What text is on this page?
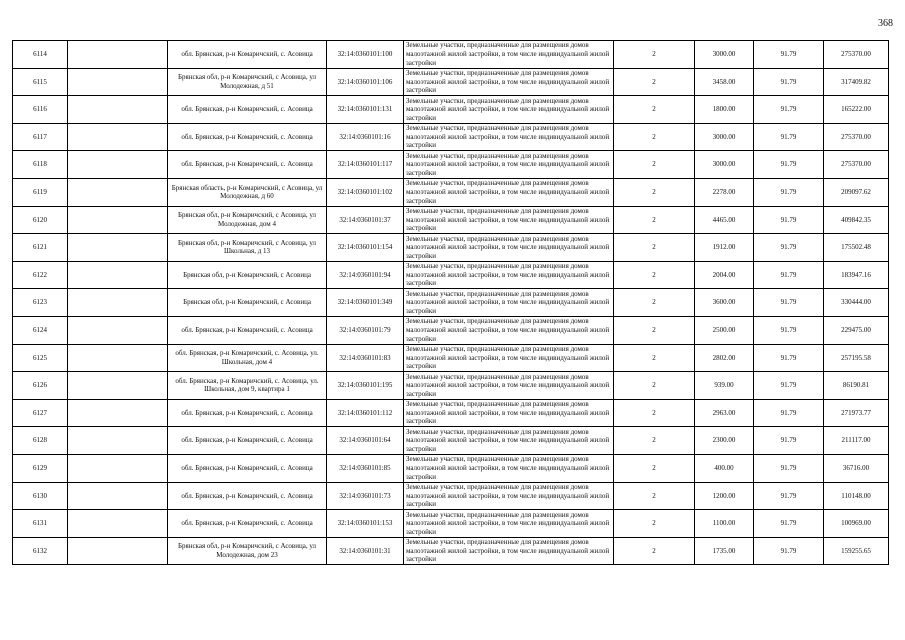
368
6114		обл. Брянская, р-н Комаричский, с. Асовица	32:14:0360101:100	Земельные участки, предназначенные для размещения домов малоэтажной жилой застройки, в том числе индивидуальной жилой застройки	2	3000.00	91.79	275370.00
6115		Брянская обл, р-н Комаричский, с Асовица, ул Молодежная, д 51	32:14:0360101:106	Земельные участки, предназначенные для размещения домов малоэтажной жилой застройки, в том числе индивидуальной жилой застройки	2	3458.00	91.79	317409.82
6116		обл. Брянская, р-н Комаричский, с. Асовица	32:14:0360101:131	Земельные участки, предназначенные для размещения домов малоэтажной жилой застройки, в том числе индивидуальной жилой застройки	2	1800.00	91.79	165222.00
6117		обл. Брянская, р-н Комаричский, с. Асовица	32:14:0360101:16	Земельные участки, предназначенные для размещения домов малоэтажной жилой застройки, в том числе индивидуальной жилой застройки	2	3000.00	91.79	275370.00
6118		обл. Брянская, р-н Комаричский, с. Асовица	32:14:0360101:117	Земельные участки, предназначенные для размещения домов малоэтажной жилой застройки, в том числе индивидуальной жилой застройки	2	3000.00	91.79	275370.00
6119		Брянская область, р-н Комаричский, с Асовица, ул Молодежная, д 60	32:14:0360101:102	Земельные участки, предназначенные для размещения домов малоэтажной жилой застройки, в том числе индивидуальной жилой застройки	2	2278.00	91.79	209097.62
6120		Брянская обл, р-н Комаричский, с Асовица, ул Молодежная, дом 4	32:14:0360101:37	Земельные участки, предназначенные для размещения домов малоэтажной жилой застройки, в том числе индивидуальной жилой застройки	2	4465.00	91.79	409842.35
6121		Брянская обл, р-н Комаричский, с Асовица, ул Школьная, д 13	32:14:0360101:154	Земельные участки, предназначенные для размещения домов малоэтажной жилой застройки, в том числе индивидуальной жилой застройки	2	1912.00	91.79	175502.48
6122		Брянская обл, р-н Комаричский, с Асовица	32:14:0360101:94	Земельные участки, предназначенные для размещения домов малоэтажной жилой застройки, в том числе индивидуальной жилой застройки	2	2004.00	91.79	183947.16
6123		Брянская обл, р-н Комаричский, с Асовица	32:14:0360101:349	Земельные участки, предназначенные для размещения домов малоэтажной жилой застройки, в том числе индивидуальной жилой застройки	2	3600.00	91.79	330444.00
6124		обл. Брянская, р-н Комаричский, с. Асовица	32:14:0360101:79	Земельные участки, предназначенные для размещения домов малоэтажной жилой застройки, в том числе индивидуальной жилой застройки	2	2500.00	91.79	229475.00
6125		обл. Брянская, р-н Комаричский, с. Асовица, ул. Школьная, дом 4	32:14:0360101:83	Земельные участки, предназначенные для размещения домов малоэтажной жилой застройки, в том числе индивидуальной жилой застройки	2	2802.00	91.79	257195.58
6126		обл. Брянская, р-н Комаричский, с. Асовица, ул. Школьная, дом 9, квартира 1	32:14:0360101:195	Земельные участки, предназначенные для размещения домов малоэтажной жилой застройки, в том числе индивидуальной жилой застройки	2	939.00	91.79	86190.81
6127		обл. Брянская, р-н Комаричский, с. Асовица	32:14:0360101:112	Земельные участки, предназначенные для размещения домов малоэтажной жилой застройки, в том числе индивидуальной жилой застройки	2	2963.00	91.79	271973.77
6128		обл. Брянская, р-н Комаричский, с. Асовица	32:14:0360101:64	Земельные участки, предназначенные для размещения домов малоэтажной жилой застройки, в том числе индивидуальной жилой застройки	2	2300.00	91.79	211117.00
6129		обл. Брянская, р-н Комаричский, с. Асовица	32:14:0360101:85	Земельные участки, предназначенные для размещения домов малоэтажной жилой застройки, в том числе индивидуальной жилой застройки	2	400.00	91.79	36716.00
6130		обл. Брянская, р-н Комаричский, с. Асовица	32:14:0360101:73	Земельные участки, предназначенные для размещения домов малоэтажной жилой застройки, в том числе индивидуальной жилой застройки	2	1200.00	91.79	110148.00
6131		обл. Брянская, р-н Комаричский, с. Асовица	32:14:0360101:153	Земельные участки, предназначенные для размещения домов малоэтажной жилой застройки, в том числе индивидуальной жилой застройки	2	1100.00	91.79	100969.00
6132		Брянская обл, р-н Комаричский, с Асовица, ул Молодежная, дом 23	32:14:0360101:31	Земельные участки, предназначенные для размещения домов малоэтажной жилой застройки, в том числе индивидуальной жилой застройки	2	1735.00	91.79	159255.65
